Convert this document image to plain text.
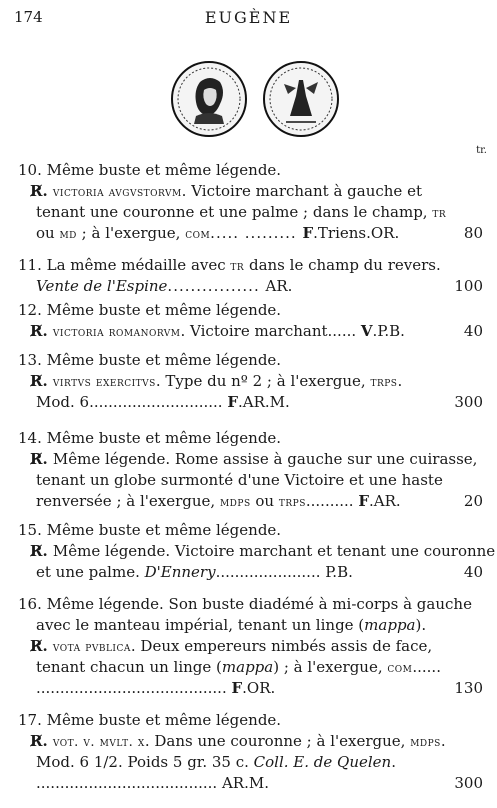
174	EUGÈNE
tr.
10. Même buste et même légende.
R̸. victoria avgvstorvm. Victoire marchant à gauche et
tenant une couronne et une palme ; dans le champ, tr
ou md ; à l'exergue, com..... ......... F.Triens.OR.	80
11. La même médaille avec tr dans le champ du revers.
Vente de l'Espine................ AR.	100
12. Même buste et même légende.
R̸. victoria romanorvm. Victoire marchant...... V.P.B.	40
13. Même buste et même légende.
R̸. virtvs exercitvs. Type du nº 2 ; à l'exergue, trps.
Mod. 6............................ F.AR.M.	300
14. Même buste et même légende.
R̸. Même légende. Rome assise à gauche sur une cuirasse,
tenant un globe surmonté d'une Victoire et une haste
renversée ; à l'exergue, mdps ou trps.......... F.AR.	20
15. Même buste et même légende.
R̸. Même légende. Victoire marchant et tenant une couronne
et une palme. D'Ennery...................... P.B.	40
16. Même légende. Son buste diadémé à mi-corps à gauche
avec le manteau impérial, tenant un linge (mappa).
R̸. vota pvblica. Deux empereurs nimbés assis de face,
tenant chacun un linge (mappa) ; à l'exergue, com......
........................................ F.OR.	130
17. Même buste et même légende.
R̸. vot. v. mvlt. x. Dans une couronne ; à l'exergue, mdps.
Mod. 6 1/2. Poids 5 gr. 35 c. Coll. E. de Quelen.
...................................... AR.M.	300
